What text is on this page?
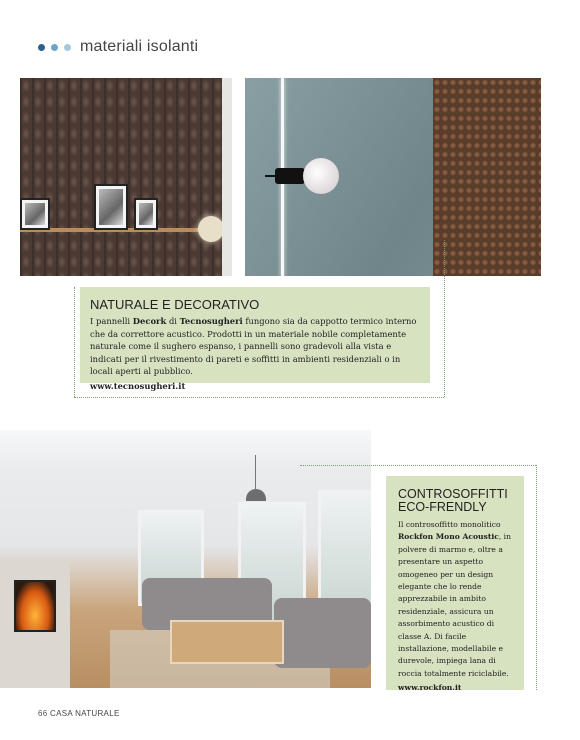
materiali isolanti
NATURALE E DECORATIVO
I pannelli Decork di Tecnosugheri fungono sia da cappotto termico interno che da correttore acustico. Prodotti in un materiale nobile completamente naturale come il sughero espanso, i pannelli sono gradevoli alla vista e indicati per il rivestimento di pareti e soffitti in ambienti residenziali o in locali aperti al pubblico.
www.tecnosugheri.it
CONTROSOFFITTI
ECO-FRENDLY
Il controsoffitto monolitico Rockfon Mono Acoustic, in polvere di marmo e, oltre a presentare un aspetto omogeneo per un design elegante che lo rende apprezzabile in ambito residenziale, assicura un assorbimento acustico di classe A. Di facile installazione, modellabile e durevole, impiega lana di roccia totalmente riciclabile.
www.rockfon.it
66 CASA NATURALE
